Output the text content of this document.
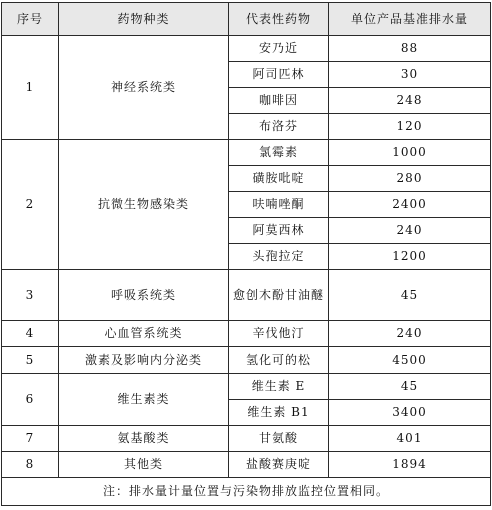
序号	药物种类	代表性药物	单位产品基准排水量
1	神经系统类	安乃近	88
		阿司匹林	30
		咖啡因	248
		布洛芬	120
2	抗微生物感染类	氯霉素	1000
		磺胺吡啶	280
		呋喃唑酮	2400
		阿莫西林	240
		头孢拉定	1200
3	呼吸系统类	愈创木酚甘油醚	45
4	心血管系统类	辛伐他汀	240
5	激素及影响内分泌类	氢化可的松	4500
6	维生素类	维生素 E	45
		维生素 B1	3400
7	氨基酸类	甘氨酸	401
8	其他类	盐酸赛庚啶	1894
注：排水量计量位置与污染物排放监控位置相同。			
